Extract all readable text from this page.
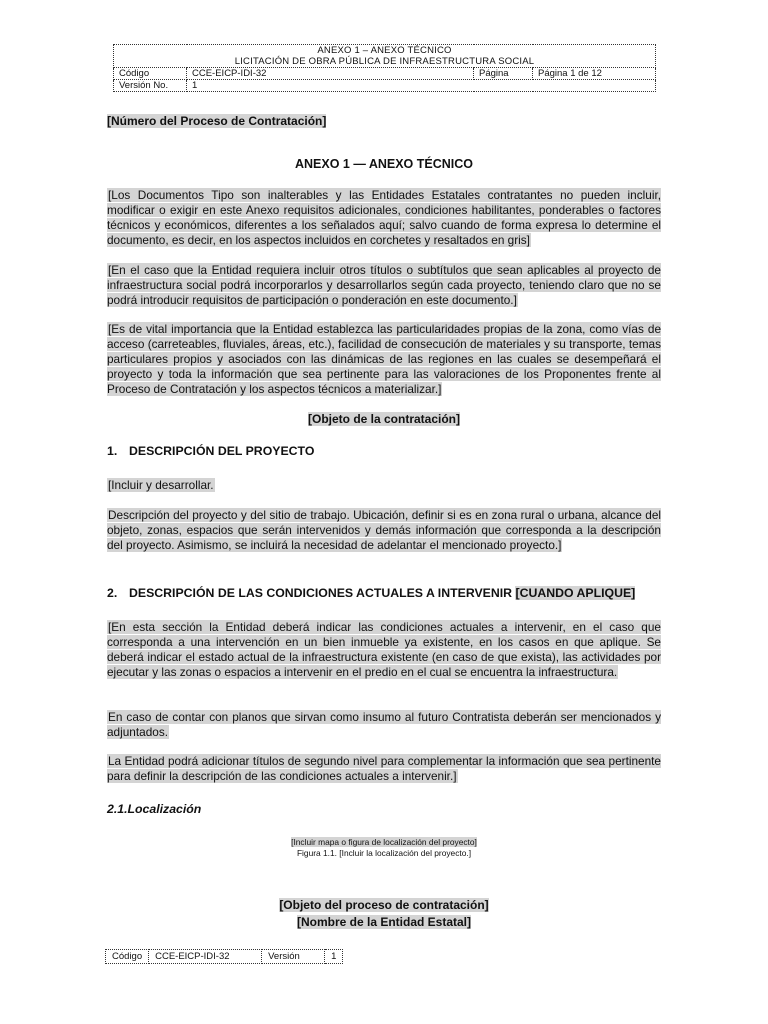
ANEXO 1 – ANEXO TÉCNICO
LICITACIÓN DE OBRA PÚBLICA DE INFRAESTRUCTURA SOCIAL			

Código	CCE-EICP-IDI-32	Página	Página 1 de 12
Versión No.	1		
[Número del Proceso de Contratación]
ANEXO 1 — ANEXO TÉCNICO
[Los Documentos Tipo son inalterables y las Entidades Estatales contratantes no pueden incluir, modificar o exigir en este Anexo requisitos adicionales, condiciones habilitantes, ponderables o factores técnicos y económicos, diferentes a los señalados aquí; salvo cuando de forma expresa lo determine el documento, es decir, en los aspectos incluidos en corchetes y resaltados en gris]
[En el caso que la Entidad requiera incluir otros títulos o subtítulos que sean aplicables al proyecto de infraestructura social podrá incorporarlos y desarrollarlos según cada proyecto, teniendo claro que no se podrá introducir requisitos de participación o ponderación en este documento.]
[Es de vital importancia que la Entidad establezca las particularidades propias de la zona, como vías de acceso (carreteables, fluviales, áreas, etc.), facilidad de consecución de materiales y su transporte, temas particulares propios y asociados con las dinámicas de las regiones en las cuales se desempeñará el proyecto y toda la información que sea pertinente para las valoraciones de los Proponentes frente al Proceso de Contratación y los aspectos técnicos a materializar.]
[Objeto de la contratación]
1. DESCRIPCIÓN DEL PROYECTO
[Incluir y desarrollar.
Descripción del proyecto y del sitio de trabajo. Ubicación, definir si es en zona rural o urbana, alcance del objeto, zonas, espacios que serán intervenidos y demás información que corresponda a la descripción del proyecto. Asimismo, se incluirá la necesidad de adelantar el mencionado proyecto.]
2. DESCRIPCIÓN DE LAS CONDICIONES ACTUALES A INTERVENIR [CUANDO APLIQUE]
[En esta sección la Entidad deberá indicar las condiciones actuales a intervenir, en el caso que corresponda a una intervención en un bien inmueble ya existente, en los casos en que aplique. Se deberá indicar el estado actual de la infraestructura existente (en caso de que exista), las actividades por ejecutar y las zonas o espacios a intervenir en el predio en el cual se encuentra la infraestructura.
En caso de contar con planos que sirvan como insumo al futuro Contratista deberán ser mencionados y adjuntados.
La Entidad podrá adicionar títulos de segundo nivel para complementar la información que sea pertinente para definir la descripción de las condiciones actuales a intervenir.]
2.1.Localización
[Incluir mapa o figura de localización del proyecto]
Figura 1.1. [Incluir la localización del proyecto.]
[Objeto del proceso de contratación]
[Nombre de la Entidad Estatal]
Código	CCE-EICP-IDI-32	Versión	1
